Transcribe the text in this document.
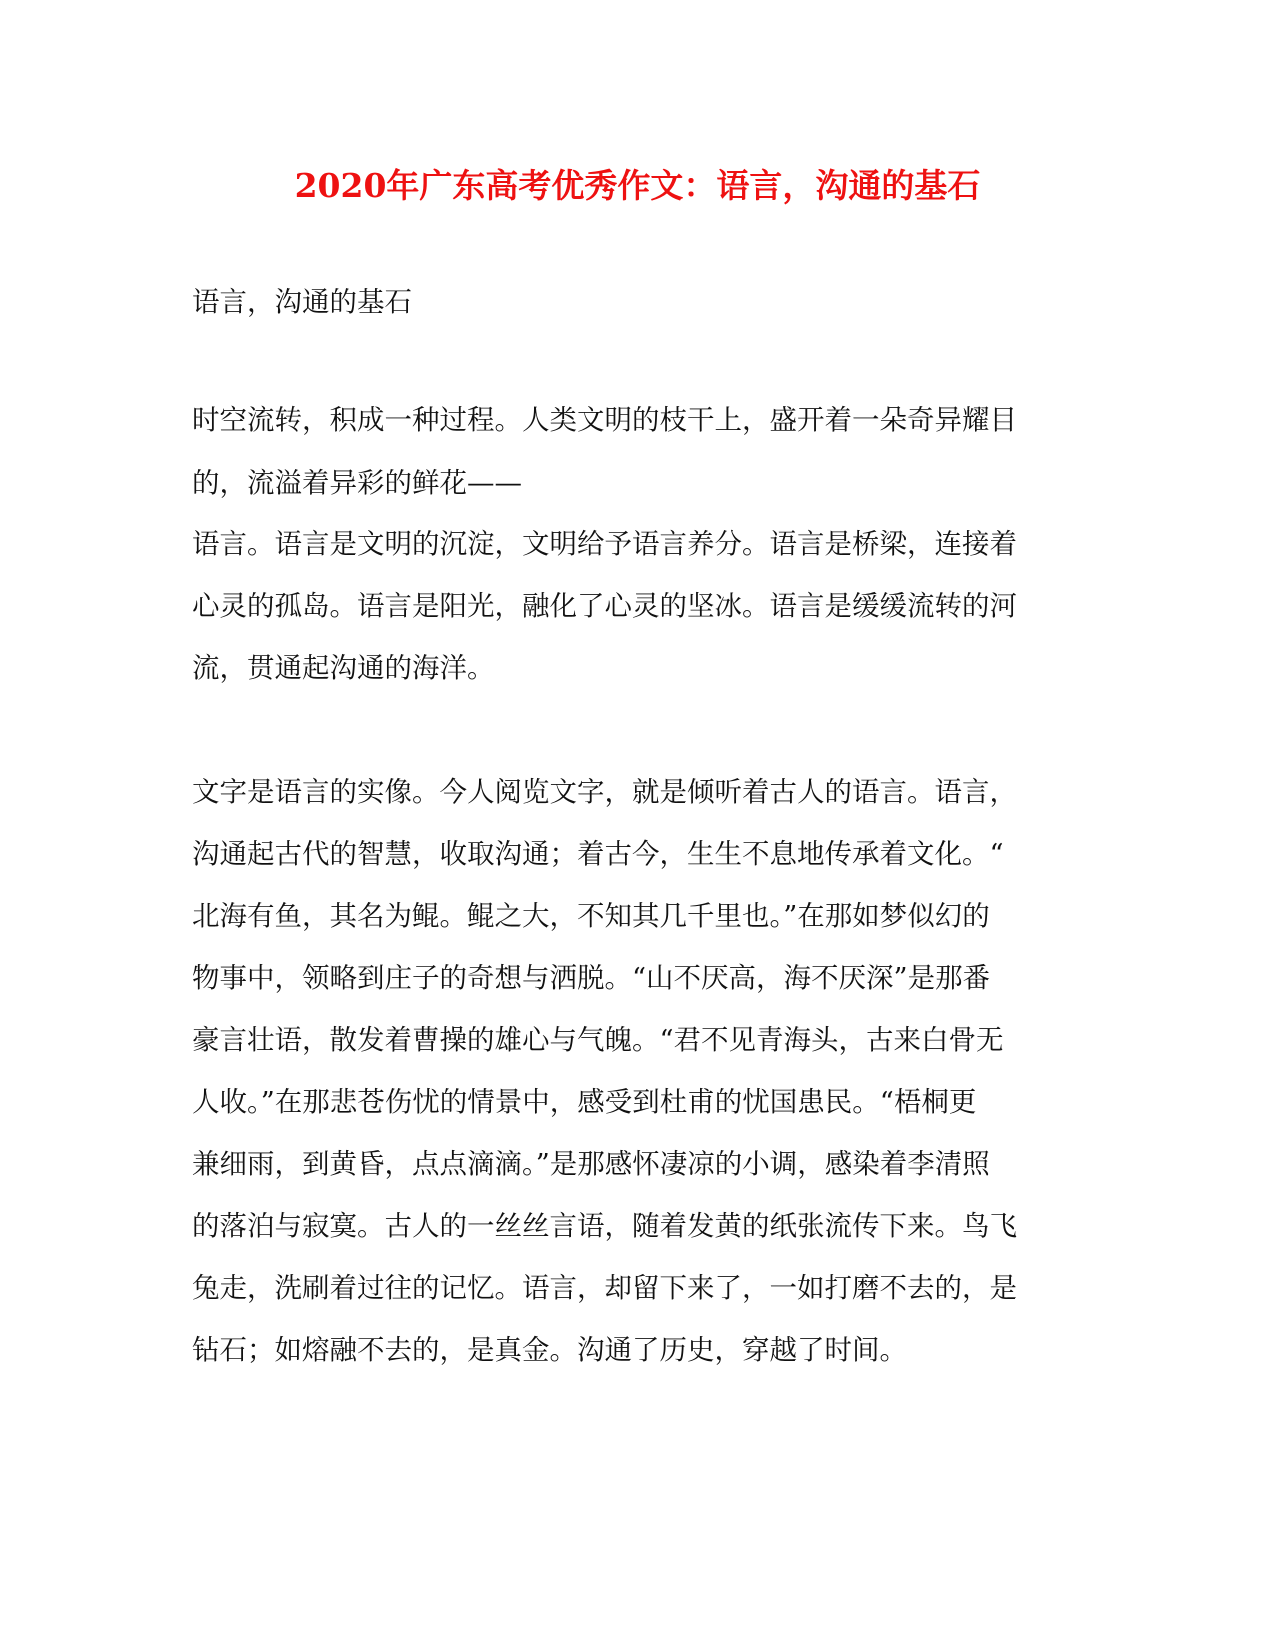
2020年广东高考优秀作文：语言，沟通的基石
语言，沟通的基石
时空流转，积成一种过程。人类文明的枝干上，盛开着一朵奇异耀目
的，流溢着异彩的鲜花——
语言。语言是文明的沉淀，文明给予语言养分。语言是桥梁，连接着
心灵的孤岛。语言是阳光，融化了心灵的坚冰。语言是缓缓流转的河
流，贯通起沟通的海洋。
文字是语言的实像。今人阅览文字，就是倾听着古人的语言。语言，
沟通起古代的智慧，收取沟通；着古今，生生不息地传承着文化。“
北海有鱼，其名为鲲。鲲之大，不知其几千里也。”在那如梦似幻的
物事中，领略到庄子的奇想与洒脱。“山不厌高，海不厌深”是那番
豪言壮语，散发着曹操的雄心与气魄。“君不见青海头，古来白骨无
人收。”在那悲苍伤忧的情景中，感受到杜甫的忧国患民。“梧桐更
兼细雨，到黄昏，点点滴滴。”是那感怀凄凉的小调，感染着李清照
的落泊与寂寞。古人的一丝丝言语，随着发黄的纸张流传下来。鸟飞
兔走，洗刷着过往的记忆。语言，却留下来了，一如打磨不去的，是
钻石；如熔融不去的，是真金。沟通了历史，穿越了时间。
